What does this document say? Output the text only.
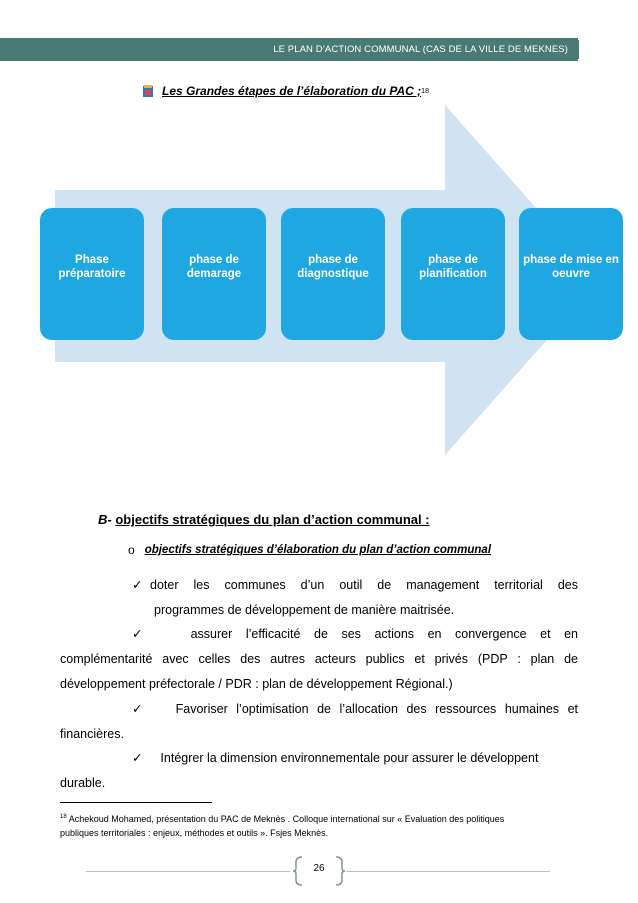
LE PLAN D’ACTION COMMUNAL (CAS DE LA VILLE DE MEKNES)
Les Grandes étapes de l’élaboration du PAC ; 18
Phase préparatoire
phase de demarage
phase de diagnostique
phase de planification
phase de mise en oeuvre
B- objectifs stratégiques du plan d’action communal :
o objectifs stratégiques d’élaboration du plan d’action communal
✓ doter les communes d’un outil de management territorial des
programmes de développement de manière maitrisée.
✓	assurer l’efficacité de ses actions en convergence et en
complémentarité avec celles des autres acteurs publics et privés (PDP : plan de
développement préfectorale / PDR : plan de développement Régional.)
✓	Favoriser l’optimisation de l’allocation des ressources humaines et
financières.
✓ Intégrer la dimension environnementale pour assurer le développent
durable.
$^{18}$ Achekoud Mohamed, présentation du PAC de Meknès . Colloque international sur « Evaluation des politiques
publiques territoriales : enjeux, méthodes et outils ». Fsjes Meknès.
26
